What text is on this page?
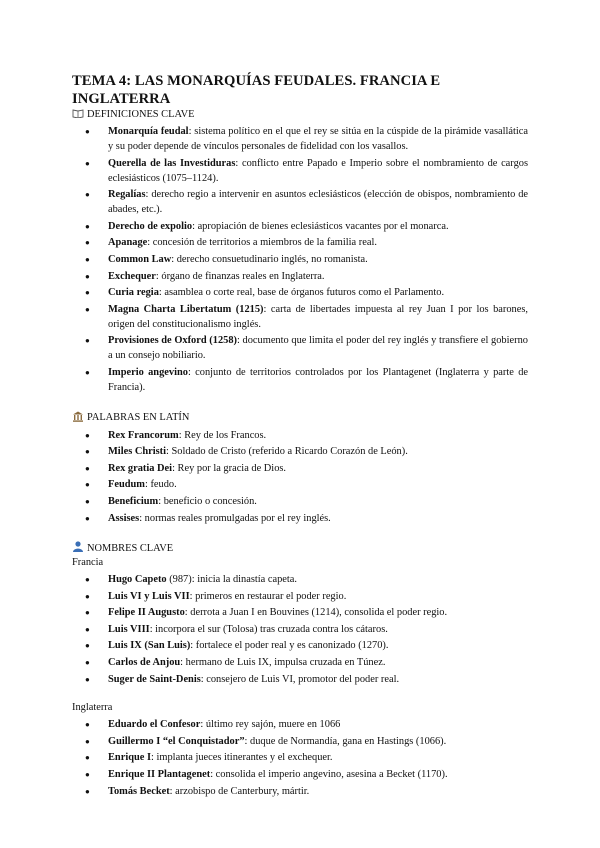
TEMA 4: LAS MONARQUÍAS FEUDALES. FRANCIA E INGLATERRA
DEFINICIONES CLAVE
● Monarquía feudal: sistema político en el que el rey se sitúa en la cúspide de la pirámide vasallática y su poder depende de vínculos personales de fidelidad con los vasallos.
● Querella de las Investiduras: conflicto entre Papado e Imperio sobre el nombramiento de cargos eclesiásticos (1075–1124).
● Regalías: derecho regio a intervenir en asuntos eclesiásticos (elección de obispos, nombramiento de abades, etc.).
● Derecho de expolio: apropiación de bienes eclesiásticos vacantes por el monarca.
● Apanage: concesión de territorios a miembros de la familia real.
● Common Law: derecho consuetudinario inglés, no romanista.
● Exchequer: órgano de finanzas reales en Inglaterra.
● Curia regia: asamblea o corte real, base de órganos futuros como el Parlamento.
● Magna Charta Libertatum (1215): carta de libertades impuesta al rey Juan I por los barones, origen del constitucionalismo inglés.
● Provisiones de Oxford (1258): documento que limita el poder del rey inglés y transfiere el gobierno a un consejo nobiliario.
● Imperio angevino: conjunto de territorios controlados por los Plantagenet (Inglaterra y parte de Francia).
PALABRAS EN LATÍN
● Rex Francorum: Rey de los Francos.
● Miles Christi: Soldado de Cristo (referido a Ricardo Corazón de León).
● Rex gratia Dei: Rey por la gracia de Dios.
● Feudum: feudo.
● Beneficium: beneficio o concesión.
● Assises: normas reales promulgadas por el rey inglés.
NOMBRES CLAVE
Francia
● Hugo Capeto (987): inicia la dinastía capeta.
● Luis VI y Luis VII: primeros en restaurar el poder regio.
● Felipe II Augusto: derrota a Juan I en Bouvines (1214), consolida el poder regio.
● Luis VIII: incorpora el sur (Tolosa) tras cruzada contra los cátaros.
● Luis IX (San Luis): fortalece el poder real y es canonizado (1270).
● Carlos de Anjou: hermano de Luis IX, impulsa cruzada en Túnez.
● Suger de Saint-Denis: consejero de Luis VI, promotor del poder real.
Inglaterra
● Eduardo el Confesor: último rey sajón, muere en 1066
● Guillermo I “el Conquistador”: duque de Normandía, gana en Hastings (1066).
● Enrique I: implanta jueces itinerantes y el exchequer.
● Enrique II Plantagenet: consolida el imperio angevino, asesina a Becket (1170).
● Tomás Becket: arzobispo de Canterbury, mártir.
